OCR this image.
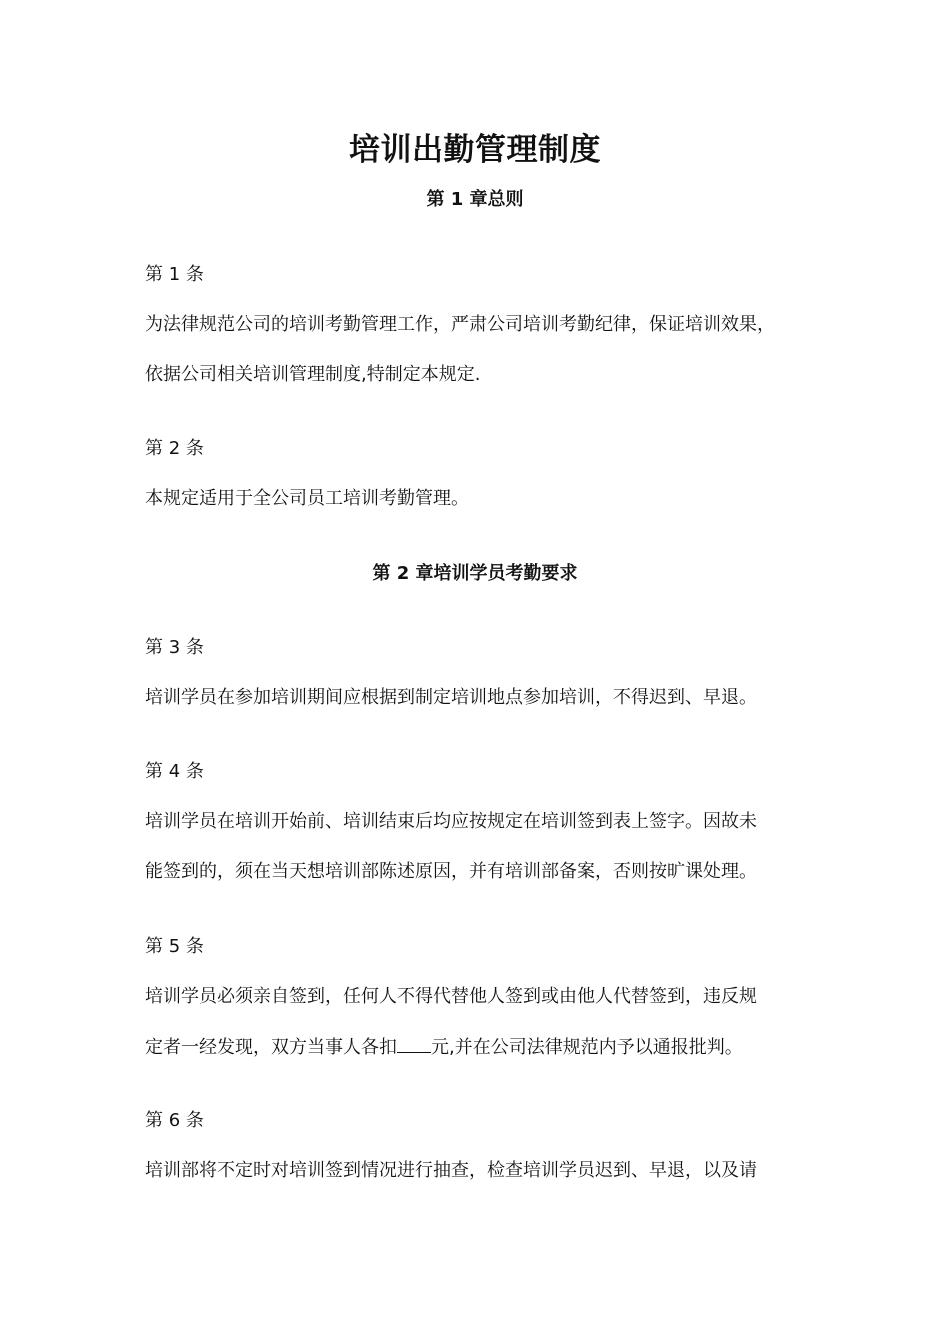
培训出勤管理制度
第 1 章总则
第 1 条
为法律规范公司的培训考勤管理工作，严肃公司培训考勤纪律，保证培训效果，
依据公司相关培训管理制度,特制定本规定.
第 2 条
本规定适用于全公司员工培训考勤管理。
第 2 章培训学员考勤要求
第 3 条
培训学员在参加培训期间应根据到制定培训地点参加培训，不得迟到、早退。
第 4 条
培训学员在培训开始前、培训结束后均应按规定在培训签到表上签字。因故未
能签到的，须在当天想培训部陈述原因，并有培训部备案，否则按旷课处理。
第 5 条
培训学员必须亲自签到，任何人不得代替他人签到或由他人代替签到，违反规
定者一经发现，双方当事人各扣 元,并在公司法律规范内予以通报批判。
第 6 条
培训部将不定时对培训签到情况进行抽查，检查培训学员迟到、早退，以及请
